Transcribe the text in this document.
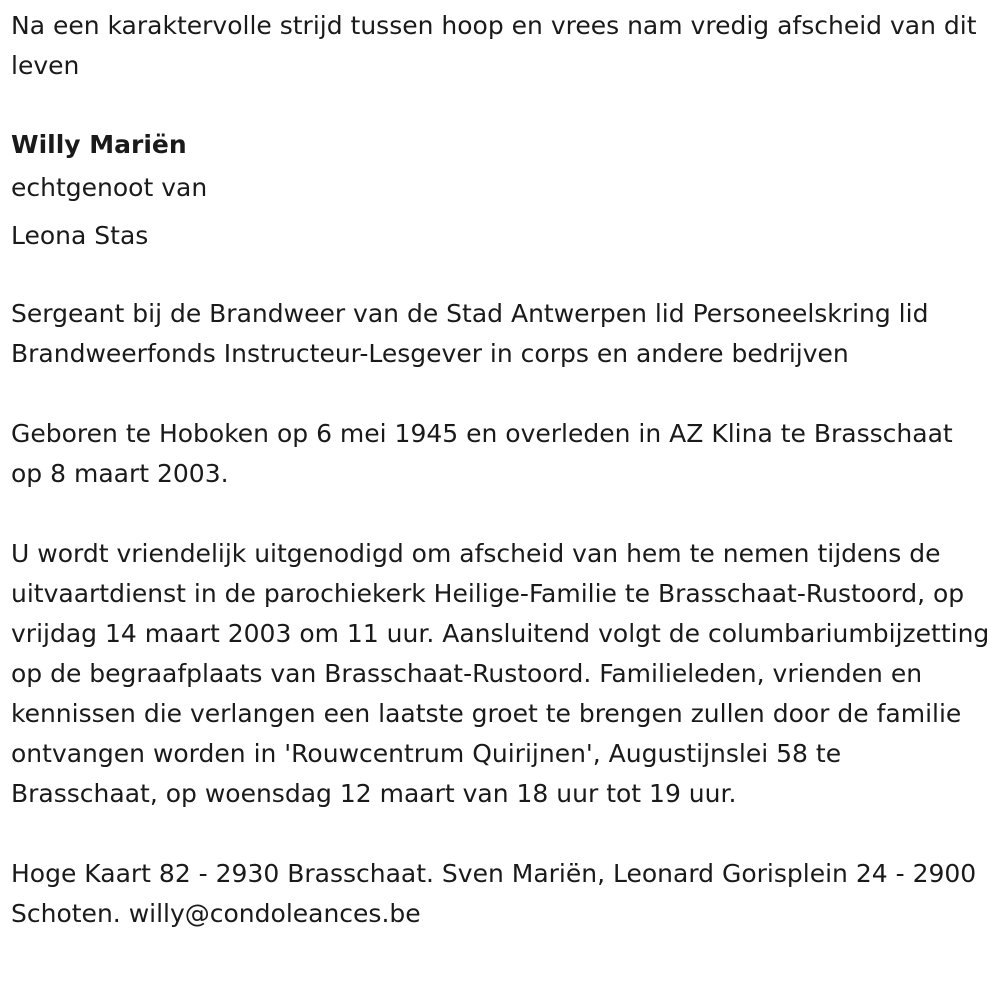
Na een karaktervolle strijd tussen hoop en vrees nam vredig afscheid van dit leven

Willy Mariën

echtgenoot van

Leona Stas

Sergeant bij de Brandweer van de Stad Antwerpen lid Personeelskring lid Brandweerfonds Instructeur-Lesgever in corps en andere bedrijven

Geboren te Hoboken op 6 mei 1945 en overleden in AZ Klina te Brasschaat op 8 maart 2003.

U wordt vriendelijk uitgenodigd om afscheid van hem te nemen tijdens de uitvaartdienst in de parochiekerk Heilige-Familie te Brasschaat-Rustoord, op vrijdag 14 maart 2003 om 11 uur. Aansluitend volgt de columbariumbijzetting op de begraafplaats van Brasschaat-Rustoord. Familieleden, vrienden en kennissen die verlangen een laatste groet te brengen zullen door de familie ontvangen worden in 'Rouwcentrum Quirijnen', Augustijnslei 58 te Brasschaat, op woensdag 12 maart van 18 uur tot 19 uur.

Hoge Kaart 82 - 2930 Brasschaat. Sven Mariën, Leonard Gorisplein 24 - 2900 Schoten. willy@condoleances.be
